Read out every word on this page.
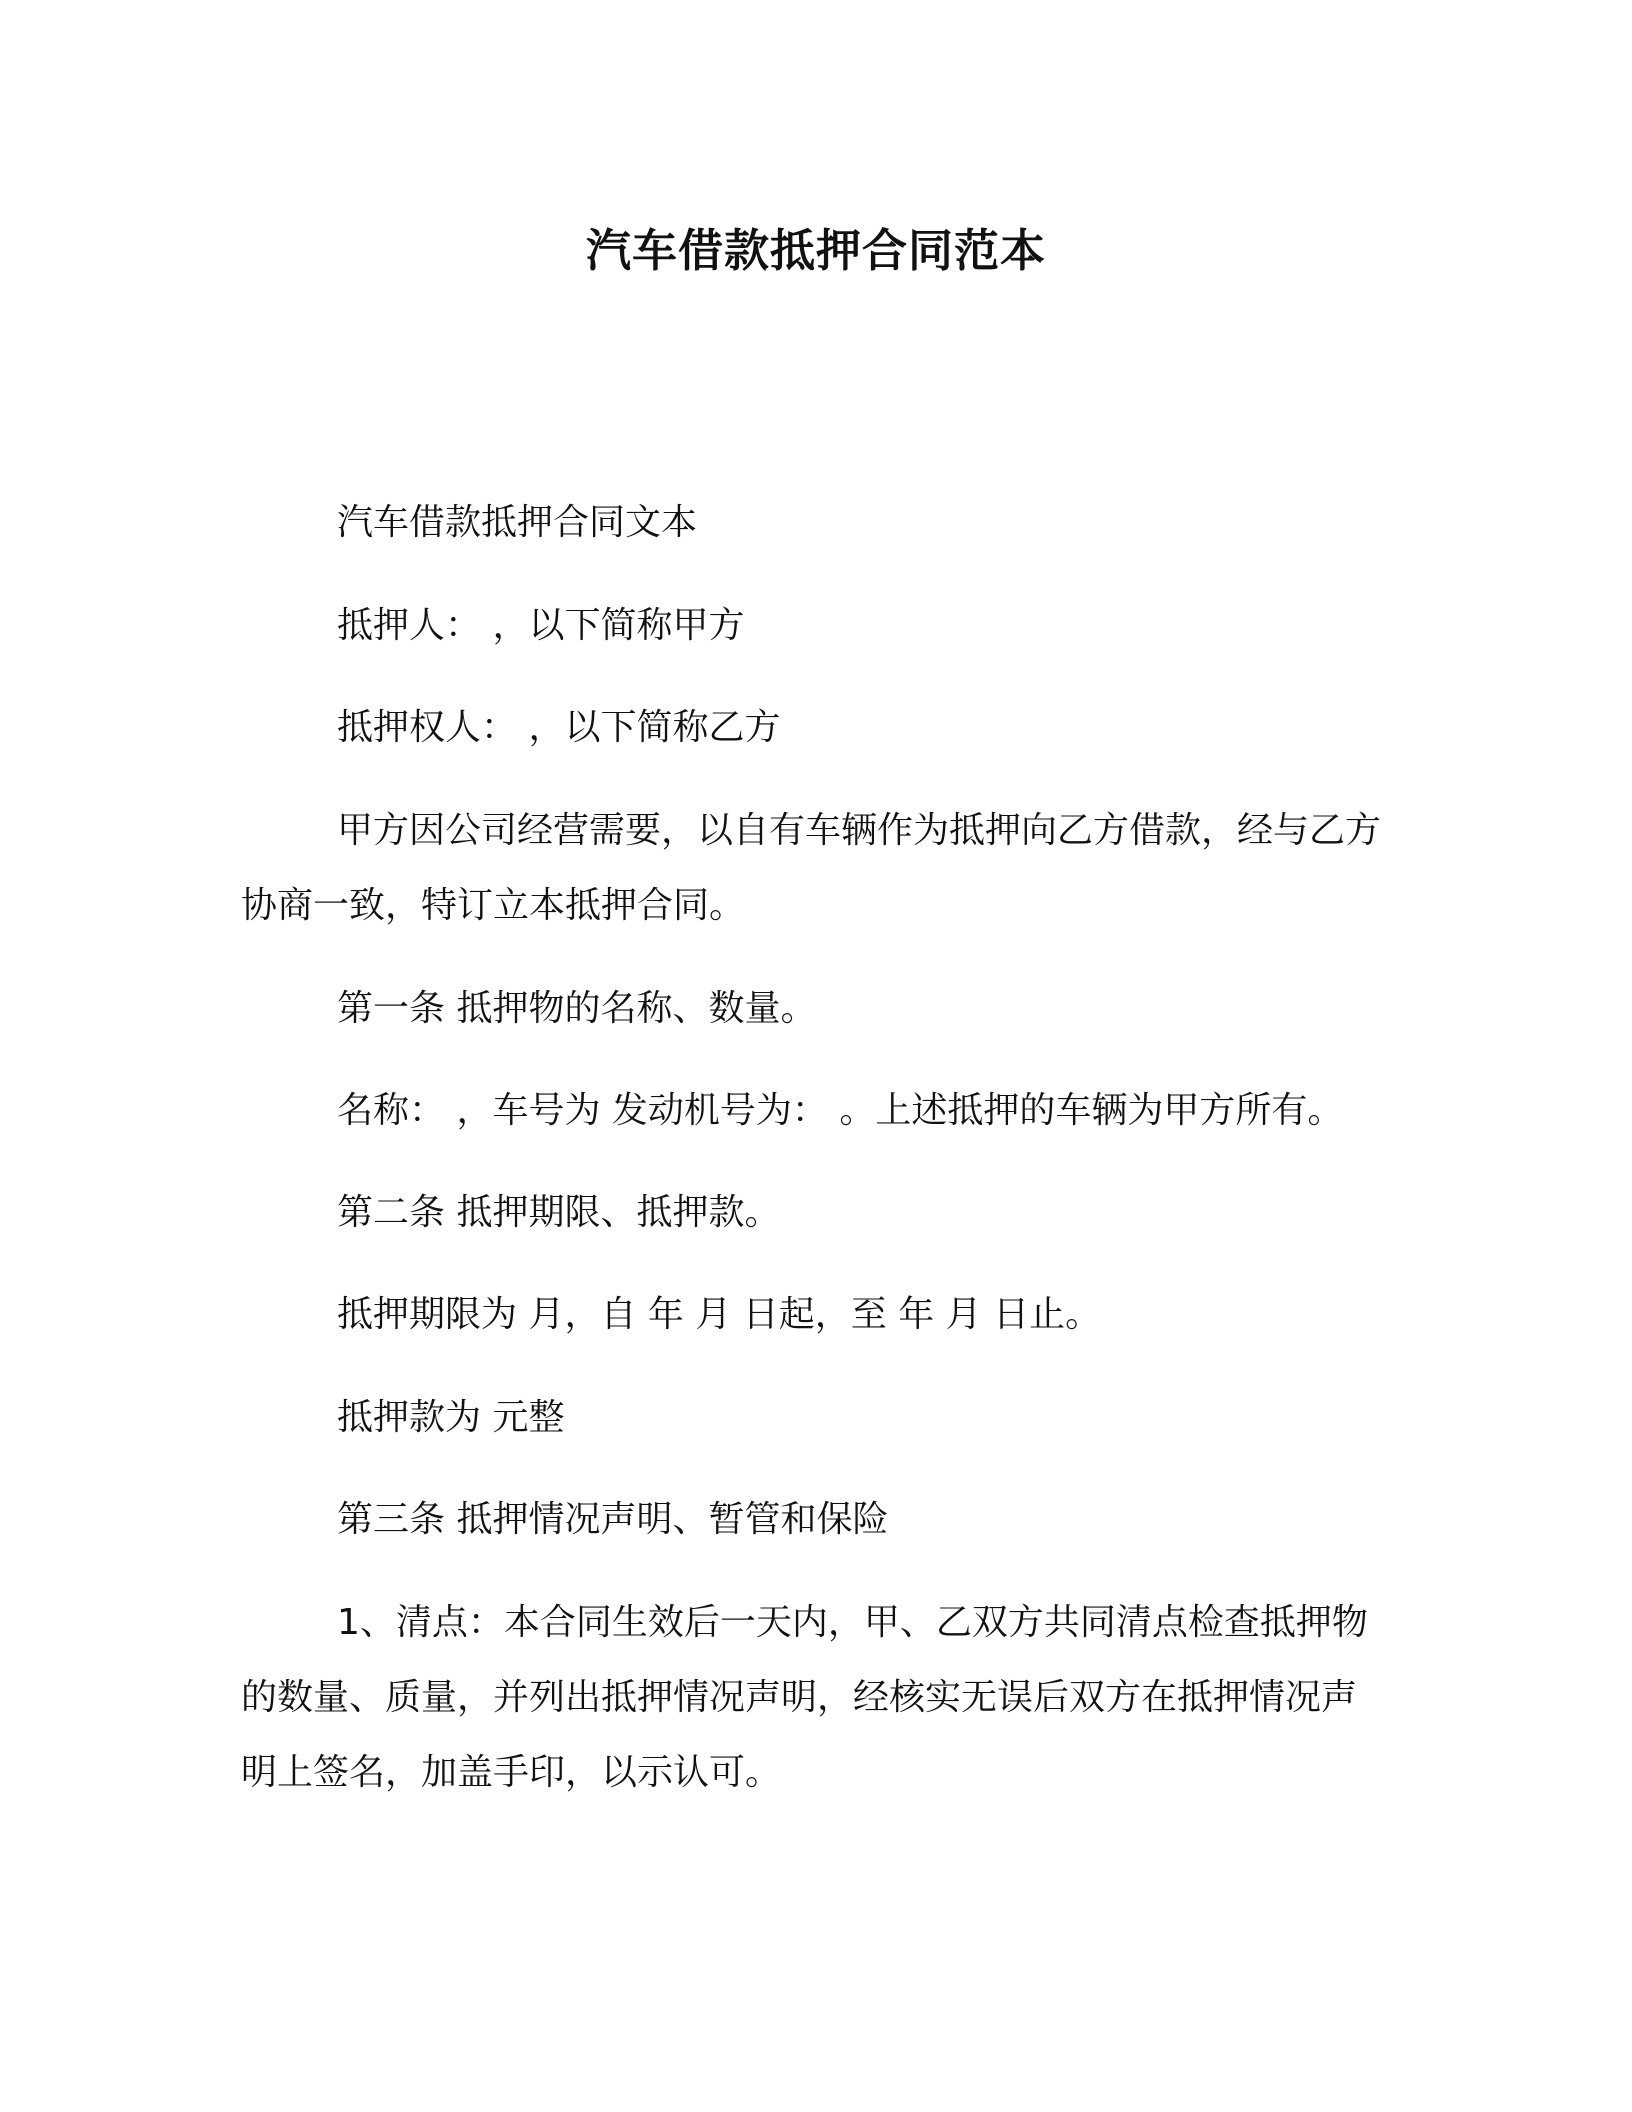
汽车借款抵押合同范本

汽车借款抵押合同文本

抵押人： ，以下简称甲方

抵押权人： ，以下简称乙方

甲方因公司经营需要，以自有车辆作为抵押向乙方借款，经与乙方协商一致，特订立本抵押合同。

第一条 抵押物的名称、数量。

名称： ，车号为 发动机号为： 。上述抵押的车辆为甲方所有。

第二条 抵押期限、抵押款。

抵押期限为 月，自 年 月 日起，至 年 月 日止。

抵押款为 元整

第三条 抵押情况声明、暂管和保险

1、清点：本合同生效后一天内，甲、乙双方共同清点检查抵押物的数量、质量，并列出抵押情况声明，经核实无误后双方在抵押情况声明上签名，加盖手印，以示认可。
